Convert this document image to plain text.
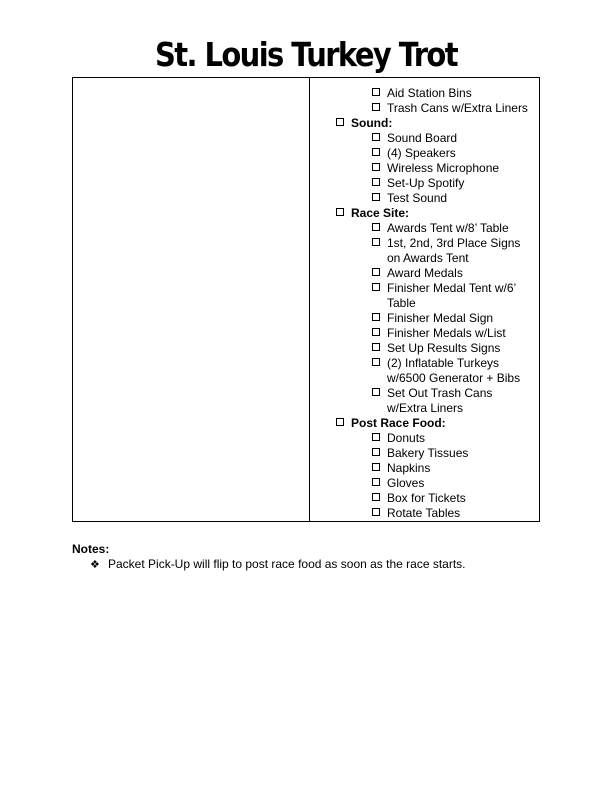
St. Louis Turkey Trot
Aid Station Bins
Trash Cans w/Extra Liners
Sound:
Sound Board
(4) Speakers
Wireless Microphone
Set-Up Spotify
Test Sound
Race Site:
Awards Tent w/8’ Table
1st, 2nd, 3rd Place Signs on Awards Tent
Award Medals
Finisher Medal Tent w/6’ Table
Finisher Medal Sign
Finisher Medals w/List
Set Up Results Signs
(2) Inflatable Turkeys w/6500 Generator + Bibs
Set Out Trash Cans w/Extra Liners
Post Race Food:
Donuts
Bakery Tissues
Napkins
Gloves
Box for Tickets
Rotate Tables
Notes:
❖ Packet Pick-Up will flip to post race food as soon as the race starts.
